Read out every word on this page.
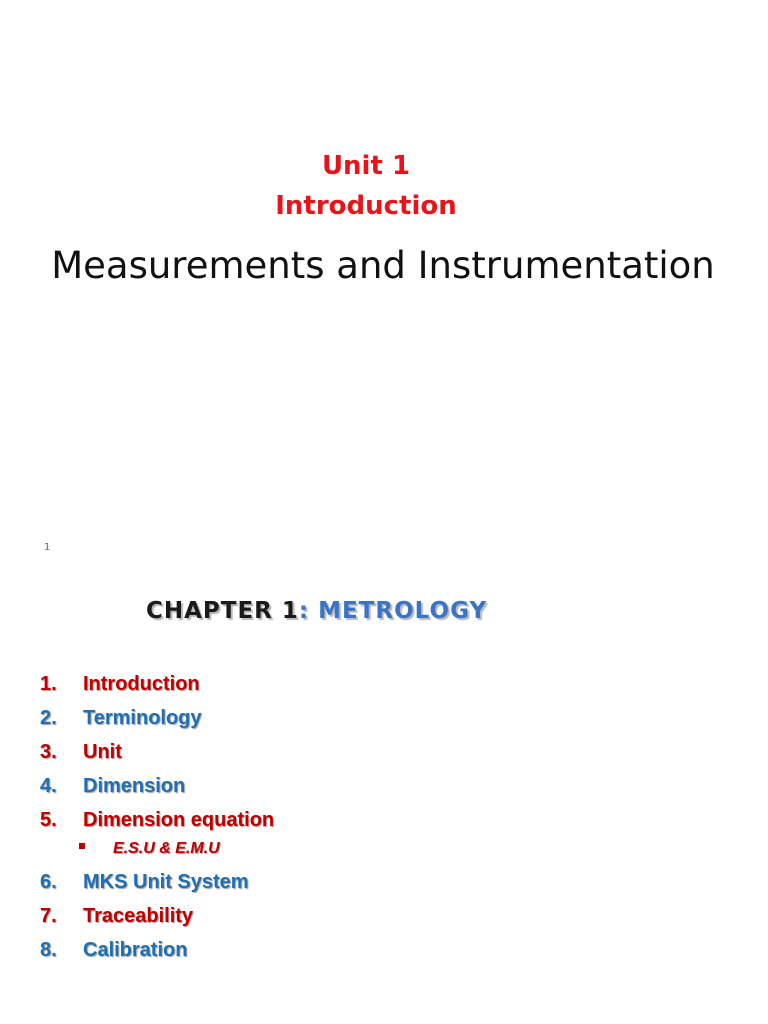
Unit 1
Introduction
Measurements and Instrumentation
1
CHAPTER 1: METROLOGY
1. Introduction
2. Terminology
3. Unit
4. Dimension
5. Dimension equation
E.S.U & E.M.U
6. MKS Unit System
7. Traceability
8. Calibration
